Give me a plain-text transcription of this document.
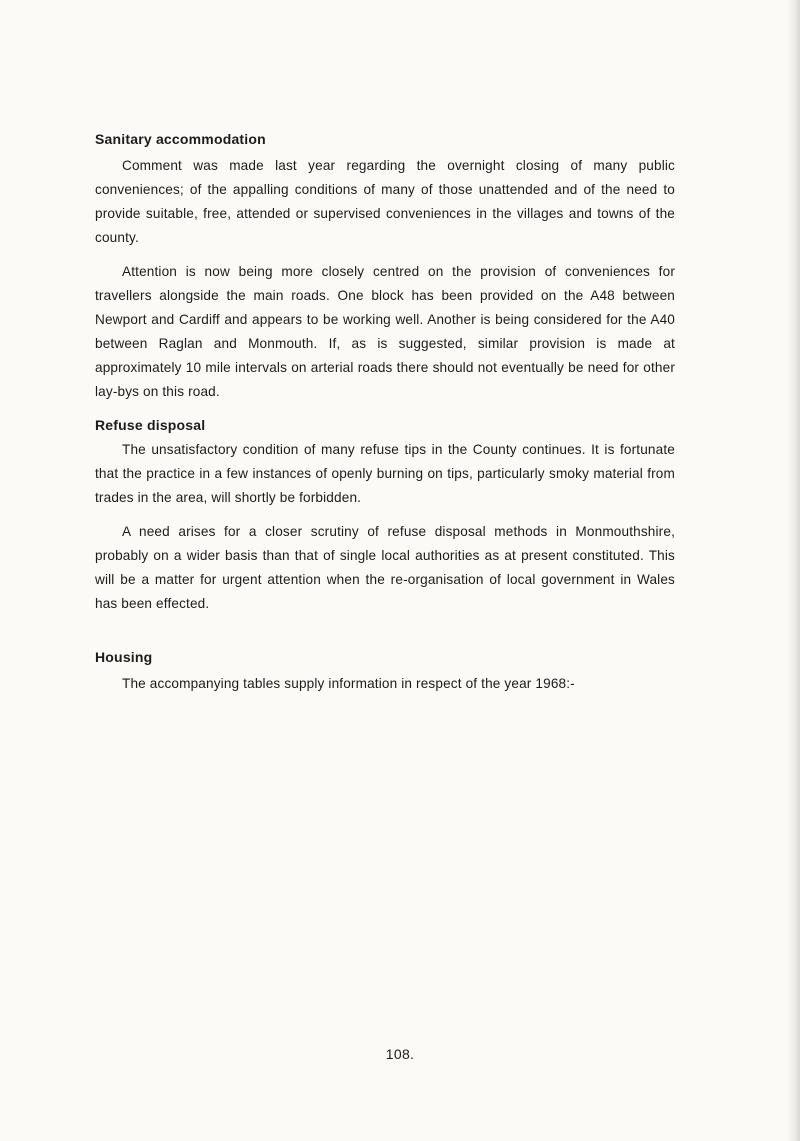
Sanitary accommodation

Comment was made last year regarding the overnight closing of many public conveniences; of the appalling conditions of many of those unattended and of the need to provide suitable, free, attended or supervised conveniences in the villages and towns of the county.

Attention is now being more closely centred on the provision of conveniences for travellers alongside the main roads. One block has been provided on the A48 between Newport and Cardiff and appears to be working well. Another is being considered for the A40 between Raglan and Monmouth. If, as is suggested, similar provision is made at approximately 10 mile intervals on arterial roads there should not eventually be need for other lay-bys on this road.

Refuse disposal

The unsatisfactory condition of many refuse tips in the County continues. It is fortunate that the practice in a few instances of openly burning on tips, particularly smoky material from trades in the area, will shortly be forbidden.

A need arises for a closer scrutiny of refuse disposal methods in Monmouthshire, probably on a wider basis than that of single local authorities as at present constituted. This will be a matter for urgent attention when the re-organisation of local government in Wales has been effected.

Housing

The accompanying tables supply information in respect of the year 1968:-

108.
